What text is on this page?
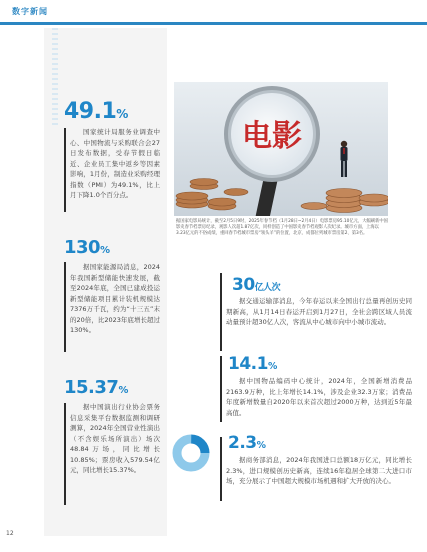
数字新闻
49.1%
国家统计局服务业调查中心、中国物流与采购联合会27日发布数据，受春节假日临近、企业员工集中返乡等因素影响，1月份，制造业采购经理指数（PMI）为49.1%，比上月下降1.0个百分点。
130%
据国家能源局消息，2024年我国新型储能快速发展，截至2024年底，全国已建成投运新型储能项目累计装机规模达7376万千瓦，约为“十三五”末的20倍，比2023年底增长超过130%。
15.37%
据中国演出行业协会票务信息采集平台数据监测和调研测算，2024年全国营业性演出（不含娱乐场所演出）场次48.84万场，同比增长10.85%；票房收入579.54亿元，同比增长15.37%。
电影
据国家电影局统计，截至2月5日9时，2025年春节档（1月28日~2月4日）电影票房95.10亿元，大幅刷新中国影史春节档票房纪录，观影人次超1.87亿次，同样创造了中国影史春节档观影人次纪录。城市方面，上海以3.23亿元的不俗成绩，重回春节档城市票房“领头羊”的位置，北京、成都位列城市票房第2、第3名。
30亿人次
据交通运输部消息，今年春运以来全国出行总量再创历史同期新高，从1月14日春运开启到1月27日，全社会跨区域人员流动量预计超30亿人次，客流从中心城市向中小城市流动。
14.1%
据中国物品编码中心统计，2024年，全国新增消费品2163.9万种，比上年增长14.1%，涉及企业32.3万家；消费品年度新增数量自2020年以来首次超过2000万种，达到近5年最高值。
2.3%
据商务部消息，2024年我国进口总额18万亿元，同比增长2.3%，进口规模创历史新高，连续16年稳居全球第二大进口市场，充分展示了中国超大规模市场机遇和扩大开放的决心。
12
